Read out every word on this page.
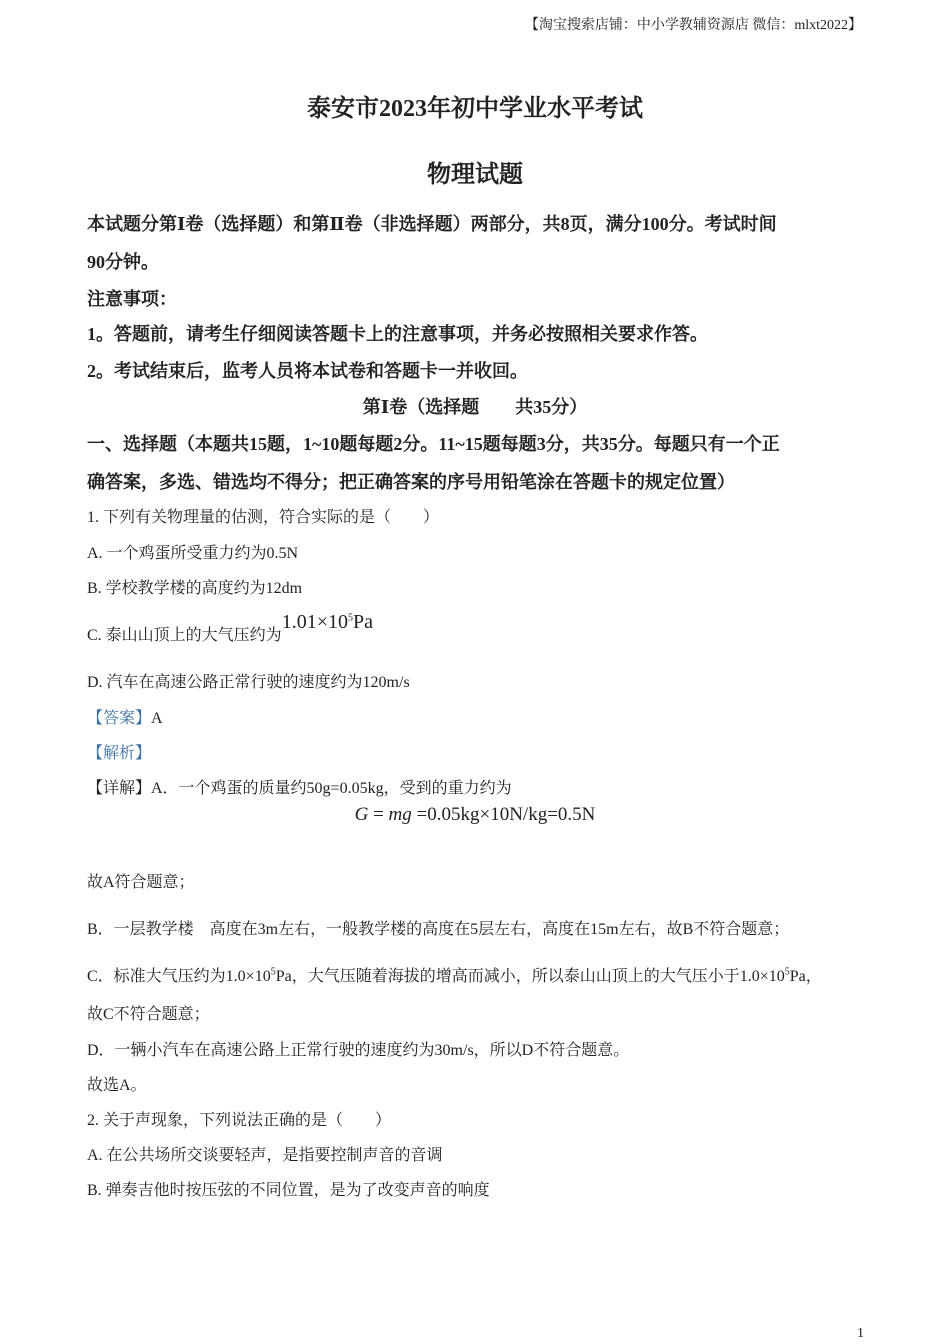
【淘宝搜索店铺：中小学教辅资源店 微信：mlxt2022】
泰安市2023年初中学业水平考试
物理试题
本试题分第Ⅰ卷（选择题）和第Ⅱ卷（非选择题）两部分，共8页，满分100分。考试时间
90分钟。
注意事项：
1。答题前，请考生仔细阅读答题卡上的注意事项，并务必按照相关要求作答。
2。考试结束后，监考人员将本试卷和答题卡一并收回。
第Ⅰ卷（选择题　　共35分）
一、选择题（本题共15题，1~10题每题2分。11~15题每题3分，共35分。每题只有一个正
确答案，多选、错选均不得分；把正确答案的序号用铅笔涂在答题卡的规定位置）
1. 下列有关物理量的估测，符合实际的是（　　）
A. 一个鸡蛋所受重力约为0.5N
B. 学校教学楼的高度约为12dm
C. 泰山山顶上的大气压约为$1.01\times 10^5Pa$
D. 汽车在高速公路正常行驶的速度约为120m/s
【答案】A
【解析】
【详解】A．一个鸡蛋的质量约50g=0.05kg，受到的重力约为
G = mg =0.05kg×10N/kg=0.5N
故A符合题意；
B．一层教学楼　高度在3m左右，一般教学楼的高度在5层左右，高度在15m左右，故B不符合题意；
C．标准大气压约为$1.0\times 10^5Pa$，大气压随着海拔的增高而减小，所以泰山山顶上的大气压小于$1.0\times 10^5Pa$，
故C不符合题意；
D．一辆小汽车在高速公路上正常行驶的速度约为30m/s，所以D不符合题意。
故选A。
2. 关于声现象，下列说法正确的是（　　）
A. 在公共场所交谈要轻声，是指要控制声音的音调
B. 弹奏吉他时按压弦的不同位置，是为了改变声音的响度
1
